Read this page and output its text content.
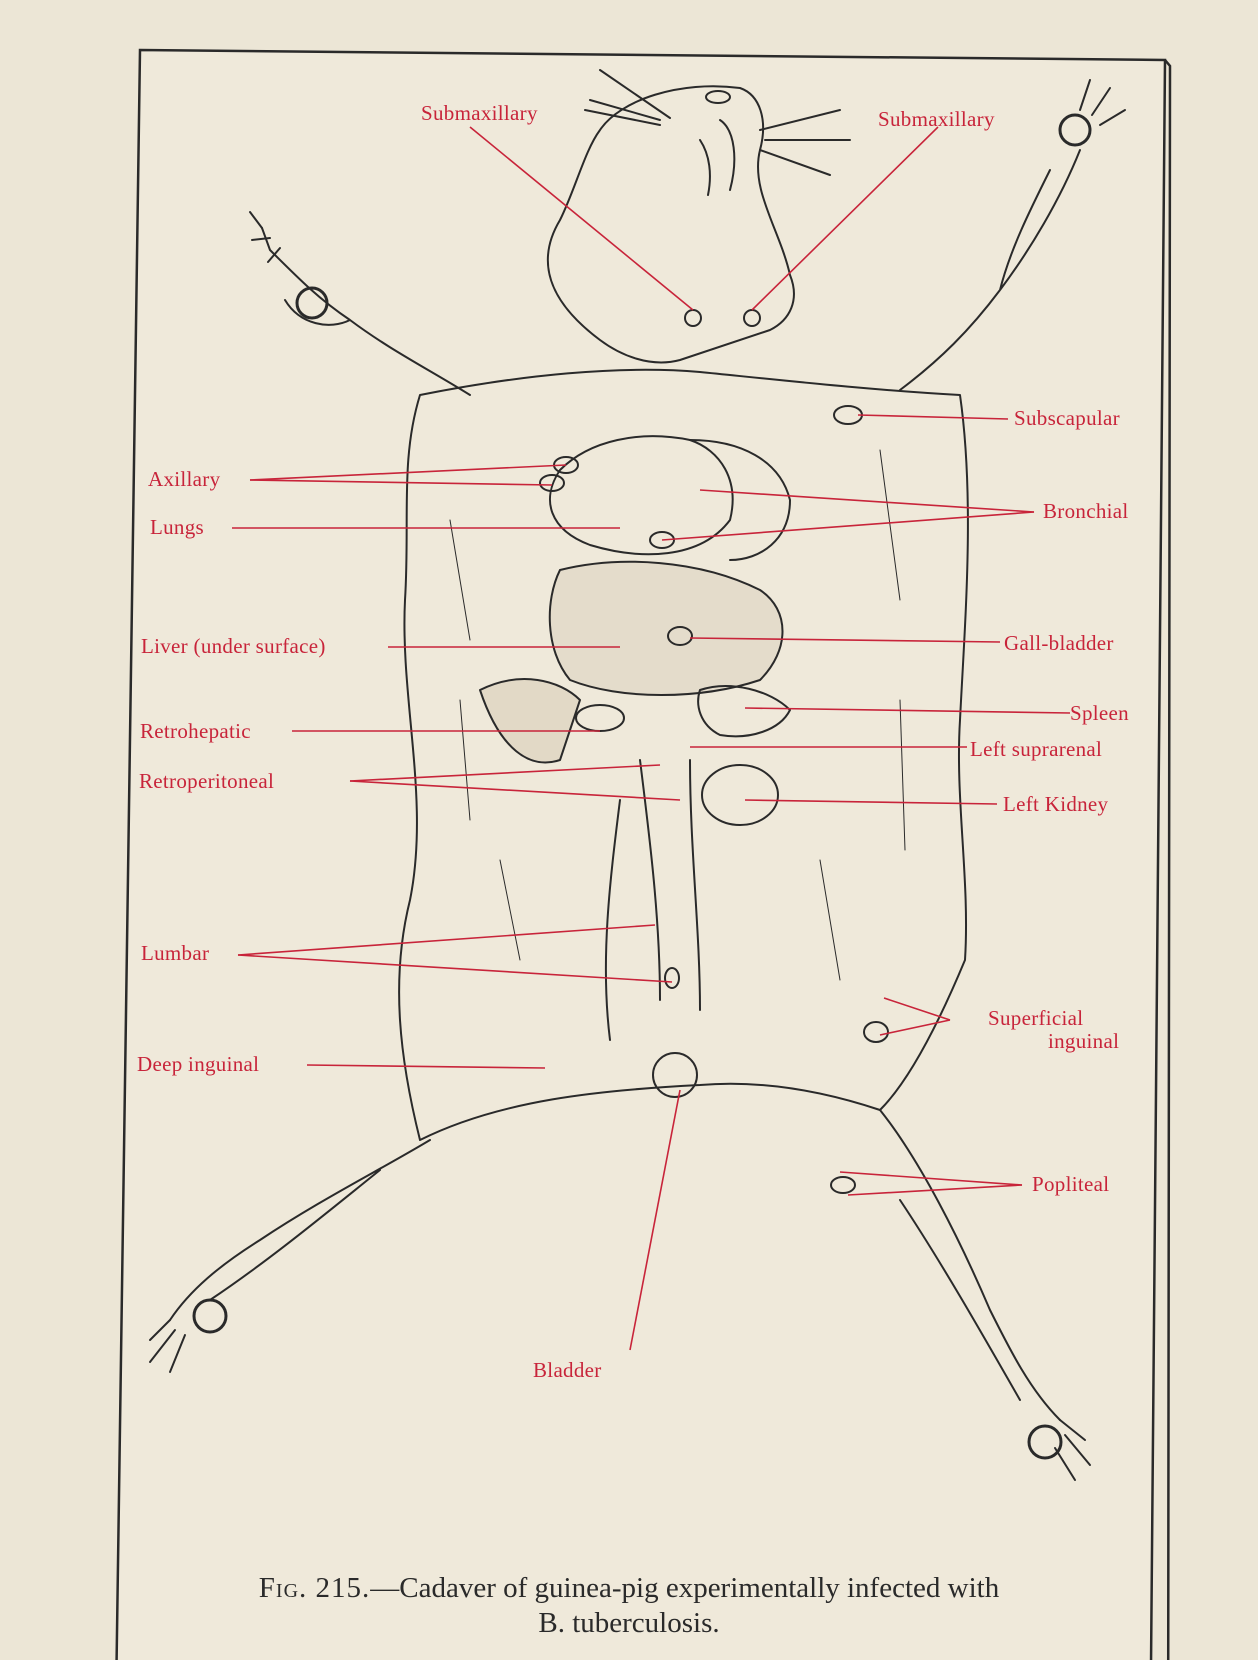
Submaxillary	Submaxillary
Subscapular
Axillary
Bronchial
Lungs
Liver (under surface)	Gall-bladder
Spleen
Retrohepatic
Left suprarenal
Retroperitoneal
Left Kidney
Lumbar
Superficial
inguinal
Deep inguinal
Popliteal
Bladder
Fig. 215.—Cadaver of guinea-pig experimentally infected with
B. tuberculosis.
